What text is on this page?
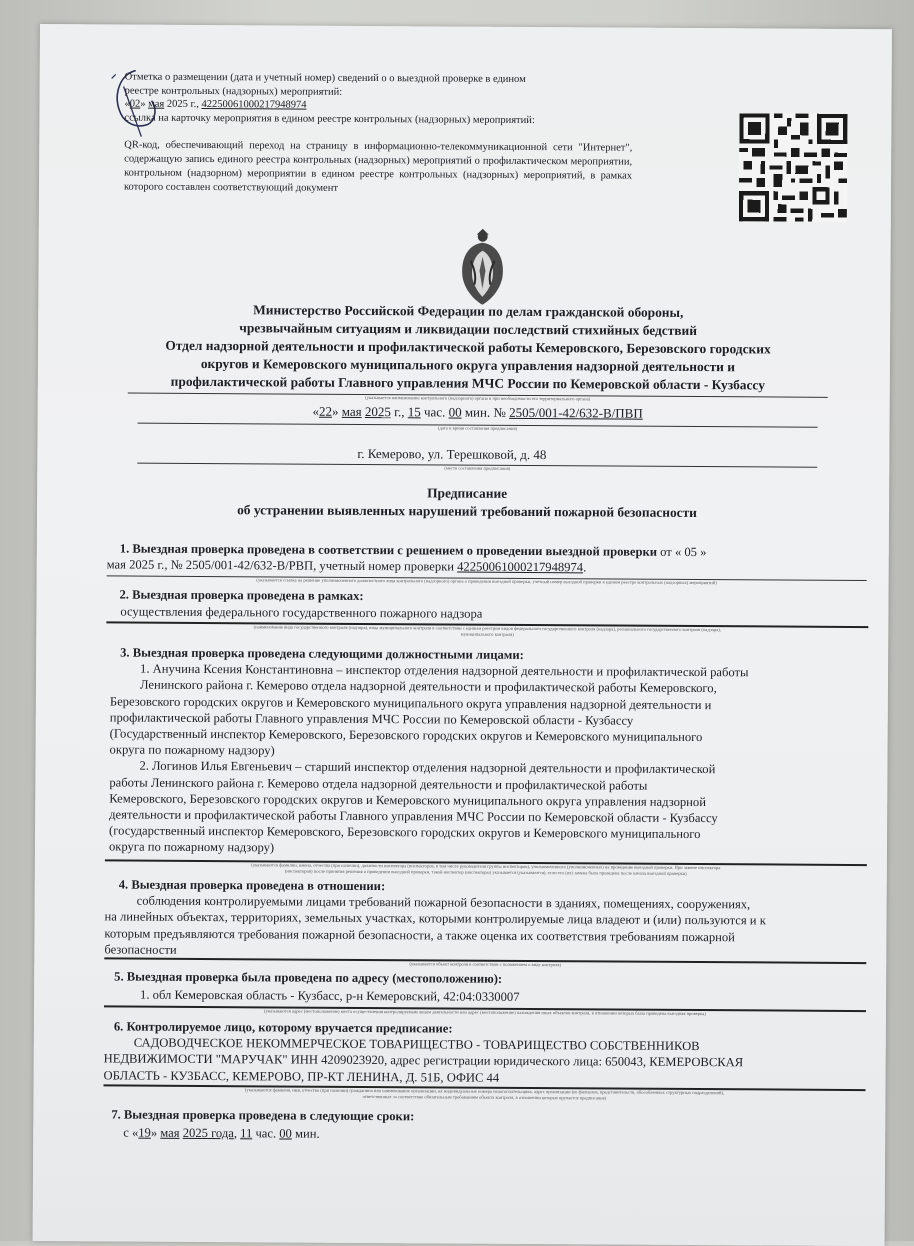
Отметка о размещении (дата и учетный номер) сведений о о выездной проверке в едином
реестре контрольных (надзорных) мероприятий:
«02» мая 2025 г., 42250061000217948974
ссылка на карточку мероприятия в едином реестре контрольных (надзорных) мероприятий:
QR-код, обеспечивающий переход на страницу в информационно-телекоммуникационной сети "Интернет", содержащую запись единого реестра контрольных (надзорных) мероприятий о профилактическом мероприятии, контрольном (надзорном) мероприятии в едином реестре контрольных (надзорных) мероприятий, в рамках которого составлен соответствующий документ
Министерство Российской Федерации по делам гражданской обороны,
чрезвычайным ситуациям и ликвидации последствий стихийных бедствий
Отдел надзорной деятельности и профилактической работы Кемеровского, Березовского городских
округов и Кемеровского муниципального округа управления надзорной деятельности и
профилактической работы Главного управления МЧС России по Кемеровской области - Кузбассу
(указывается наименование контрольного (надзорного) органа и при необходимости его территориального органа)
«22» мая 2025 г., 15 час. 00 мин. № 2505/001-42/632-В/ПВП
(дата и время составления предписания)
г. Кемерово, ул. Терешковой, д. 48
(место составления предписания)
Предписание
об устранении выявленных нарушений требований пожарной безопасности
1. Выездная проверка проведена в соответствии с решением о проведении выездной проверки от « 05 »
мая 2025 г., № 2505/001-42/632-В/РВП, учетный номер проверки 42250061000217948974.
(указывается ссылка на решение уполномоченного должностного лица контрольного (надзорного) органа о проведении выездной проверки, учетный номер выездной проверки в едином реестре контрольных (надзорных) мероприятий)
2. Выездная проверка проведена в рамках:
осуществления федерального государственного пожарного надзора
(наименование вида государственного контроля (надзора), вида муниципального контроля в соответствии с единым реестром видов федерального государственного контроля (надзора), регионального государственного контроля (надзора),
муниципального контроля)
3. Выездная проверка проведена следующими должностными лицами:
1. Анучина Ксения Константиновна – инспектор отделения надзорной деятельности и профилактической работы
Ленинского района г. Кемерово отдела надзорной деятельности и профилактической работы Кемеровского,
Березовского городских округов и Кемеровского муниципального округа управления надзорной деятельности и
профилактической работы Главного управления МЧС России по Кемеровской области - Кузбассу
(Государственный инспектор Кемеровского, Березовского городских округов и Кемеровского муниципального
округа по пожарному надзору)
2. Логинов Илья Евгеньевич – старший инспектор отделения надзорной деятельности и профилактической
работы Ленинского района г. Кемерово отдела надзорной деятельности и профилактической работы
Кемеровского, Березовского городских округов и Кемеровского муниципального округа управления надзорной
деятельности и профилактической работы Главного управления МЧС России по Кемеровской области - Кузбассу
(государственный инспектор Кемеровского, Березовского городских округов и Кемеровского муниципального
округа по пожарному надзору)
(указываются фамилии, имена, отчества (при наличии), должности инспектора (инспекторов, в том числе руководителя группы инспекторов), уполномоченного (уполномоченных) на проведение выездной проверки. При замене инспектора
(инспекторов) после принятия решения о проведении выездной проверки, такой инспектор (инспекторы) указывается (указываются), если его (их) замена была проведена после начала выездной проверки)
4. Выездная проверка проведена в отношении:
соблюдения контролируемыми лицами требований пожарной безопасности в зданиях, помещениях, сооружениях,
на линейных объектах, территориях, земельных участках, которыми контролируемые лица владеют и (или) пользуются и к
которым предъявляются требования пожарной безопасности, а также оценка их соответствия требованиям пожарной
безопасности
(указывается объект контроля в соответствии с положением о виде контроля)
5. Выездная проверка была проведена по адресу (местоположению):
1. обл Кемеровская область - Кузбасс, р-н Кемеровский, 42:04:0330007
(указываются адрес (местоположение) места осуществления контролируемым лицом деятельности или адрес (местоположение) нахождения иных объектов контроля, в отношении которых была проведена выездная проверка)
6. Контролируемое лицо, которому вручается предписание:
САДОВОДЧЕСКОЕ НЕКОММЕРЧЕСКОЕ ТОВАРИЩЕСТВО - ТОВАРИЩЕСТВО СОБСТВЕННИКОВ
НЕДВИЖИМОСТИ "МАРУЧАК" ИНН 4209023920, адрес регистрации юридического лица: 650043, КЕМЕРОВСКАЯ
ОБЛАСТЬ - КУЗБАСС, КЕМЕРОВО, ПР-КТ ЛЕНИНА, Д. 51Б, ОФИС 44
(указываются фамилия, имя, отчество (при наличии) гражданина или наименование организации, их индивидуальные номера налогоплательщика, адрес организации (ее филиалов, представительств, обособленных структурных подразделений),
ответственных за соответствие обязательным требованиям объекта контроля, в отношении которых вручается предписание)
7. Выездная проверка проведена в следующие сроки:
с «19» мая 2025 года, 11 час. 00 мин.
